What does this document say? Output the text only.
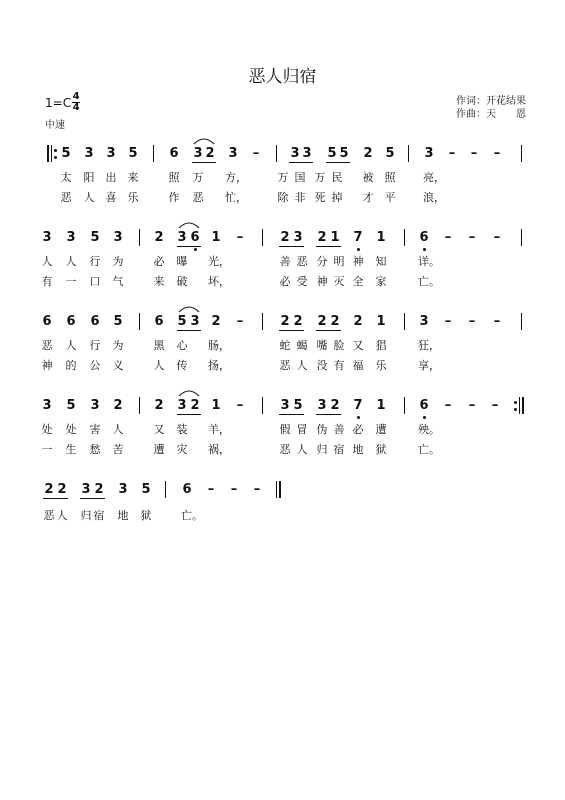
恶人归宿
$1=C \frac{4}{4}$
中速
作词：开花结果
作曲：天　　恩
5 3 3 5 6 3 2 3 – 3 3 5 5 2 5 3 – – –
太 阳 出 来	照 万 方，	万 国 万 民 被 照	亮，
恶 人 喜 乐	作 恶 忙，	除 非 死 掉 才 平	浪，
3 3 5 3 2 3 6 1 –	2 3 2 1 7 1	6 – – –
人 人 行 为	必 曝 光，	善 恶 分 明 神 知	详。
有 一 口 气	来 破 坏，	必 受 神 灭 全 家	亡。
6 6 6 5 6 5 3 2 –	2 2 2 2 2 1	3 – – –
恶 人 行 为	黑 心 肠，	蛇 蝎 嘴 脸 又 猖	狂，
神 的 公 义	人 传 扬，	恶 人 没 有 福 乐	享，
3 5 3 2 2 3 2 1 –	3 5 3 2 7 1	6 – – –
处 处 害 人	又 装 羊，	假 冒 伪 善 必 遭	殃。
一 生 愁 苦	遭 灾 祸，	恶 人 归 宿 地 狱	亡。
2 2 3 2 3 5 6 – – –
恶 人 归 宿 地 狱	亡。
